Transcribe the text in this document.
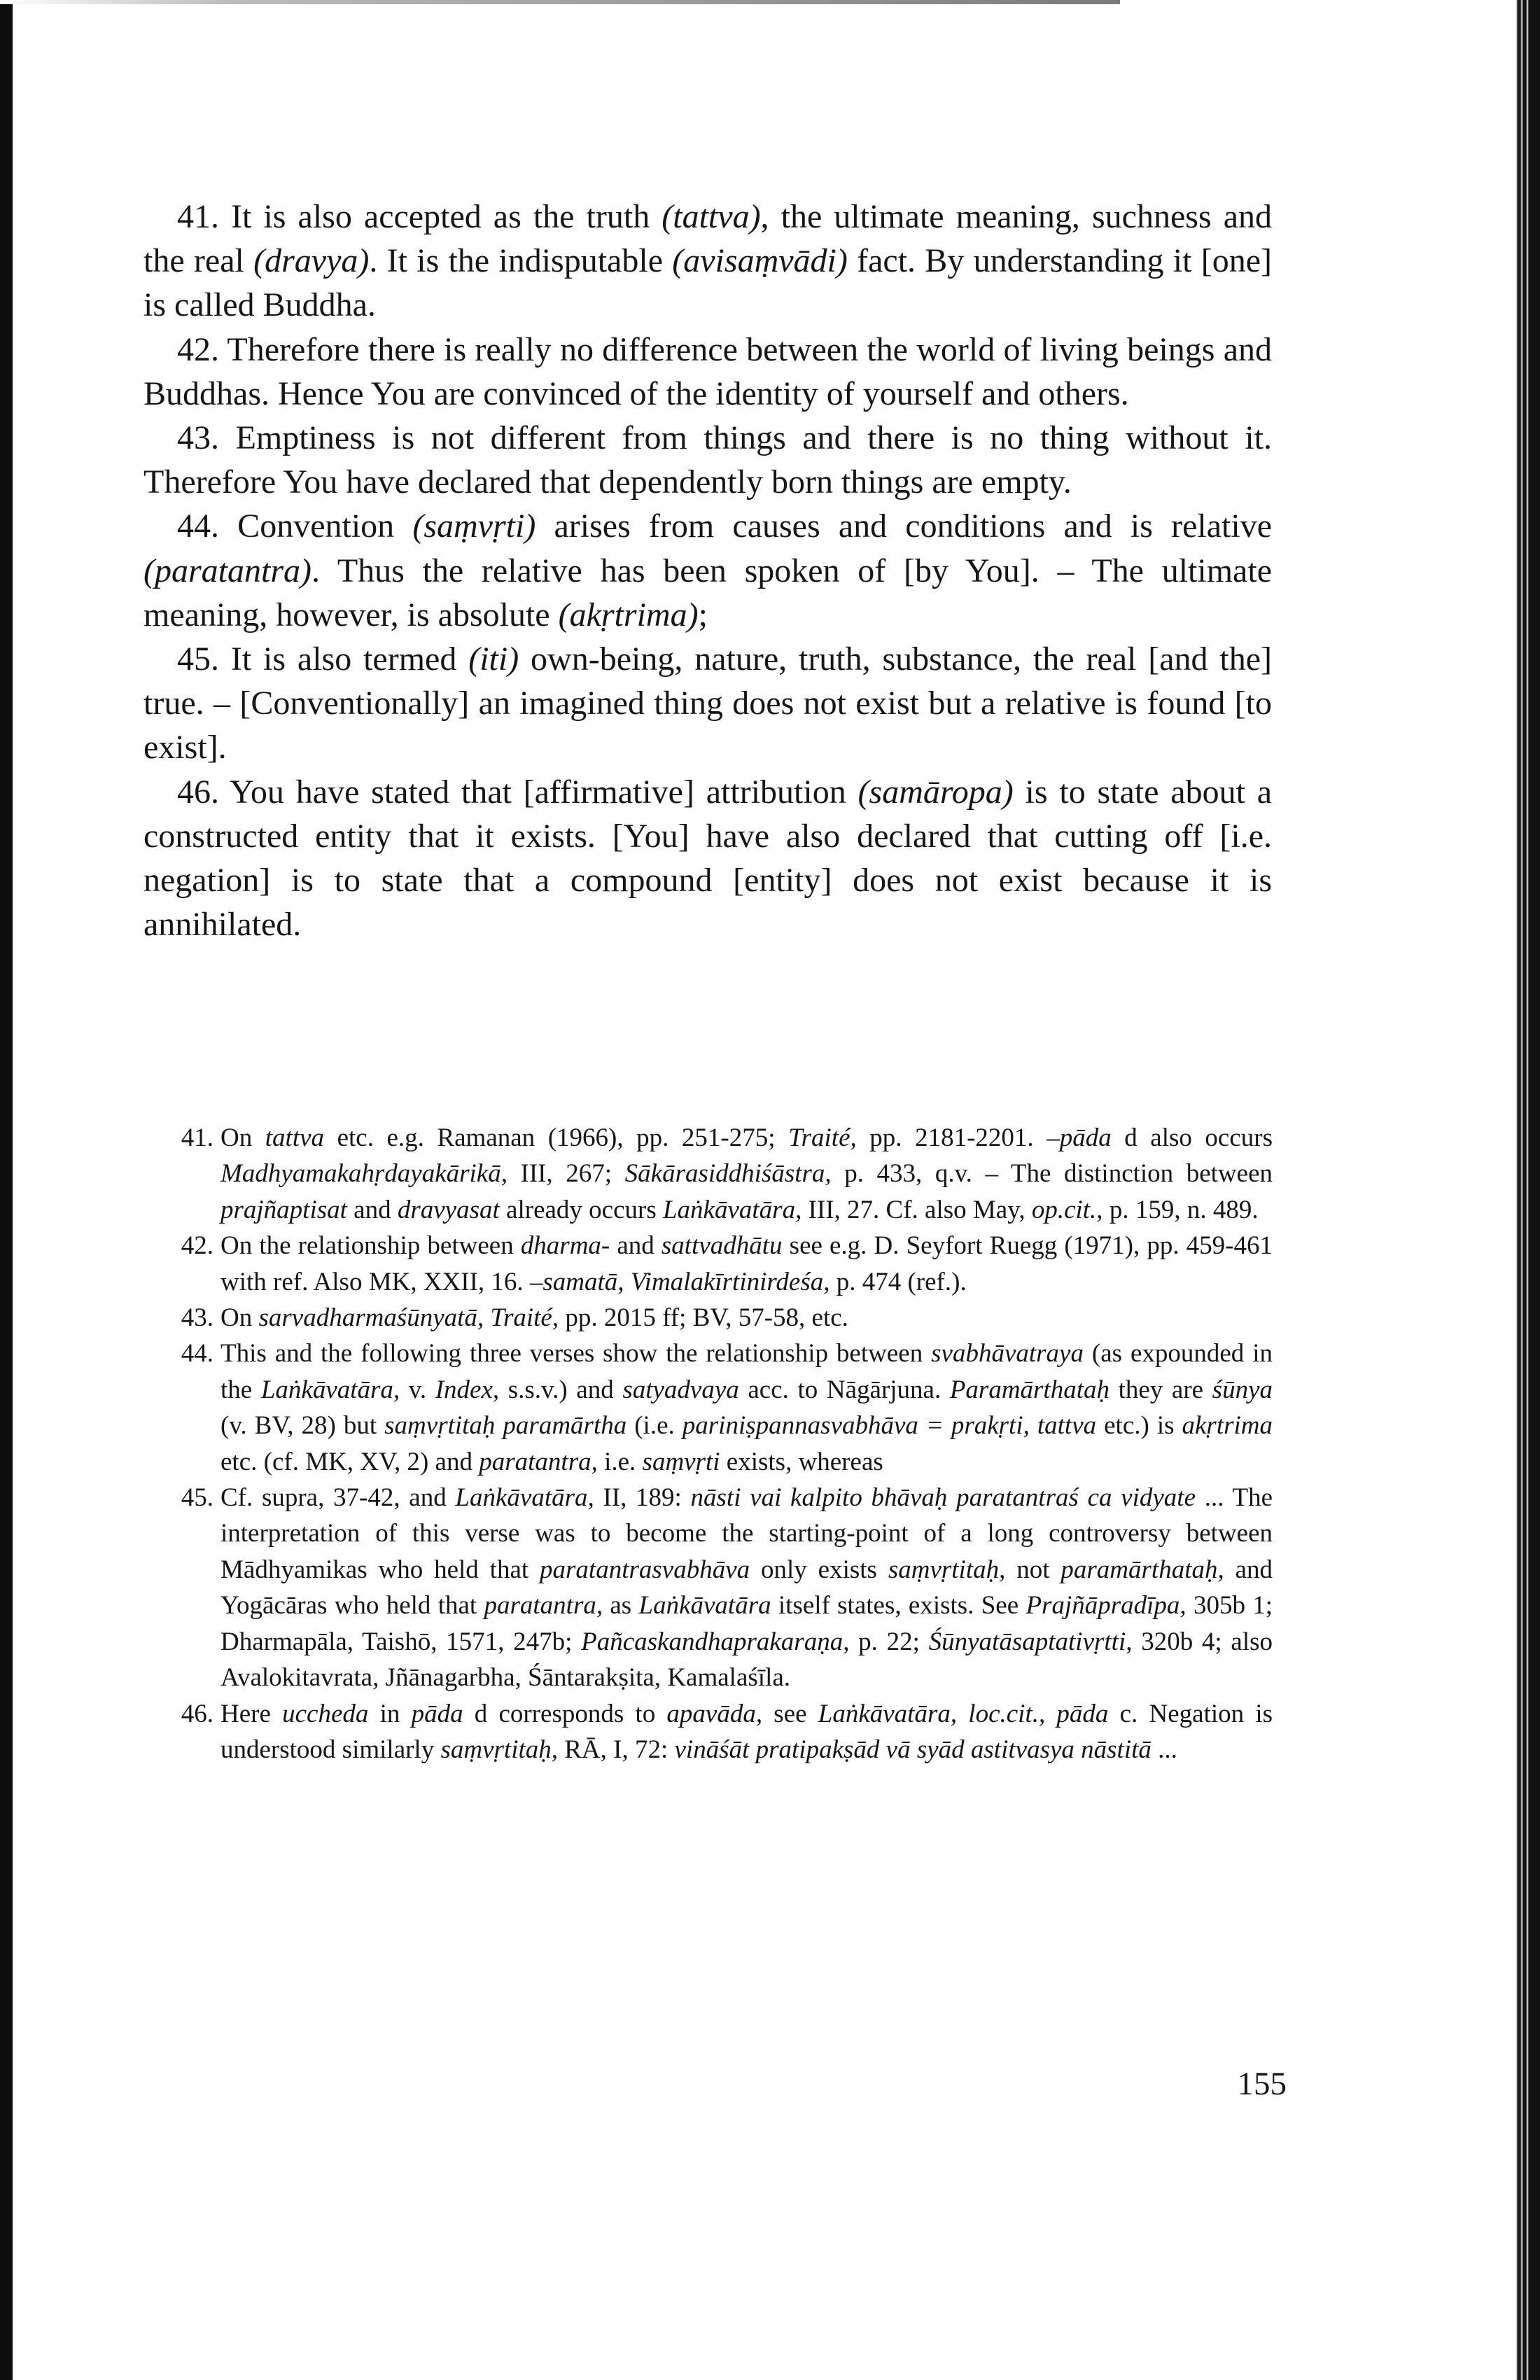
41. It is also accepted as the truth (tattva), the ultimate meaning, suchness and the real (dravya). It is the indisputable (avisaṃvādi) fact. By understanding it [one] is called Buddha.

42. Therefore there is really no difference between the world of living beings and Buddhas. Hence You are convinced of the identity of yourself and others.

43. Emptiness is not different from things and there is no thing without it. Therefore You have declared that dependently born things are empty.

44. Convention (saṃvṛti) arises from causes and conditions and is relative (paratantra). Thus the relative has been spoken of [by You]. – The ultimate meaning, however, is absolute (akṛtrima);

45. It is also termed (iti) own-being, nature, truth, substance, the real [and the] true. – [Conventionally] an imagined thing does not exist but a relative is found [to exist].

46. You have stated that [affirmative] attribution (samāropa) is to state about a constructed entity that it exists. [You] have also declared that cutting off [i.e. negation] is to state that a compound [entity] does not exist because it is annihilated.

41. On tattva etc. e.g. Ramanan (1966), pp. 251-275; Traité, pp. 2181-2201. –pāda d also occurs Madhyamakahṛdayakārikā, III, 267; Sākārasiddhiśāstra, p. 433, q.v. – The distinction between prajñaptisat and dravyasat already occurs Laṅkāvatāra, III, 27. Cf. also May, op.cit., p. 159, n. 489.
42. On the relationship between dharma- and sattvadhātu see e.g. D. Seyfort Ruegg (1971), pp. 459-461 with ref. Also MK, XXII, 16. –samatā, Vimalakīrtinirdeśa, p. 474 (ref.).
43. On sarvadharmaśūnyatā, Traité, pp. 2015 ff; BV, 57-58, etc.
44. This and the following three verses show the relationship between svabhāvatraya (as expounded in the Laṅkāvatāra, v. Index, s.s.v.) and satyadvaya acc. to Nāgārjuna. Paramārthataḥ they are śūnya (v. BV, 28) but saṃvṛtitaḥ paramārtha (i.e. pariniṣpannasvabhāva = prakṛti, tattva etc.) is akṛtrima etc. (cf. MK, XV, 2) and paratantra, i.e. saṃvṛti exists, whereas
45. Cf. supra, 37-42, and Laṅkāvatāra, II, 189: nāsti vai kalpito bhāvaḥ paratantraś ca vidyate ... The interpretation of this verse was to become the starting-point of a long controversy between Mādhyamikas who held that paratantrasvabhāva only exists saṃvṛtitaḥ, not paramārthataḥ, and Yogācāras who held that paratantra, as Laṅkāvatāra itself states, exists. See Prajñāpradīpa, 305b 1; Dharmapāla, Taishō, 1571, 247b; Pañcaskandhaprakaraṇa, p. 22; Śūnyatāsaptativṛtti, 320b 4; also Avalokitavrata, Jñānagarbha, Śāntarakṣita, Kamalaśīla.
46. Here uccheda in pāda d corresponds to apavāda, see Laṅkāvatāra, loc.cit., pāda c. Negation is understood similarly saṃvṛtitaḥ, RĀ, I, 72: vināśāt pratipakṣād vā syād astitvasya nāstitā ...
155
